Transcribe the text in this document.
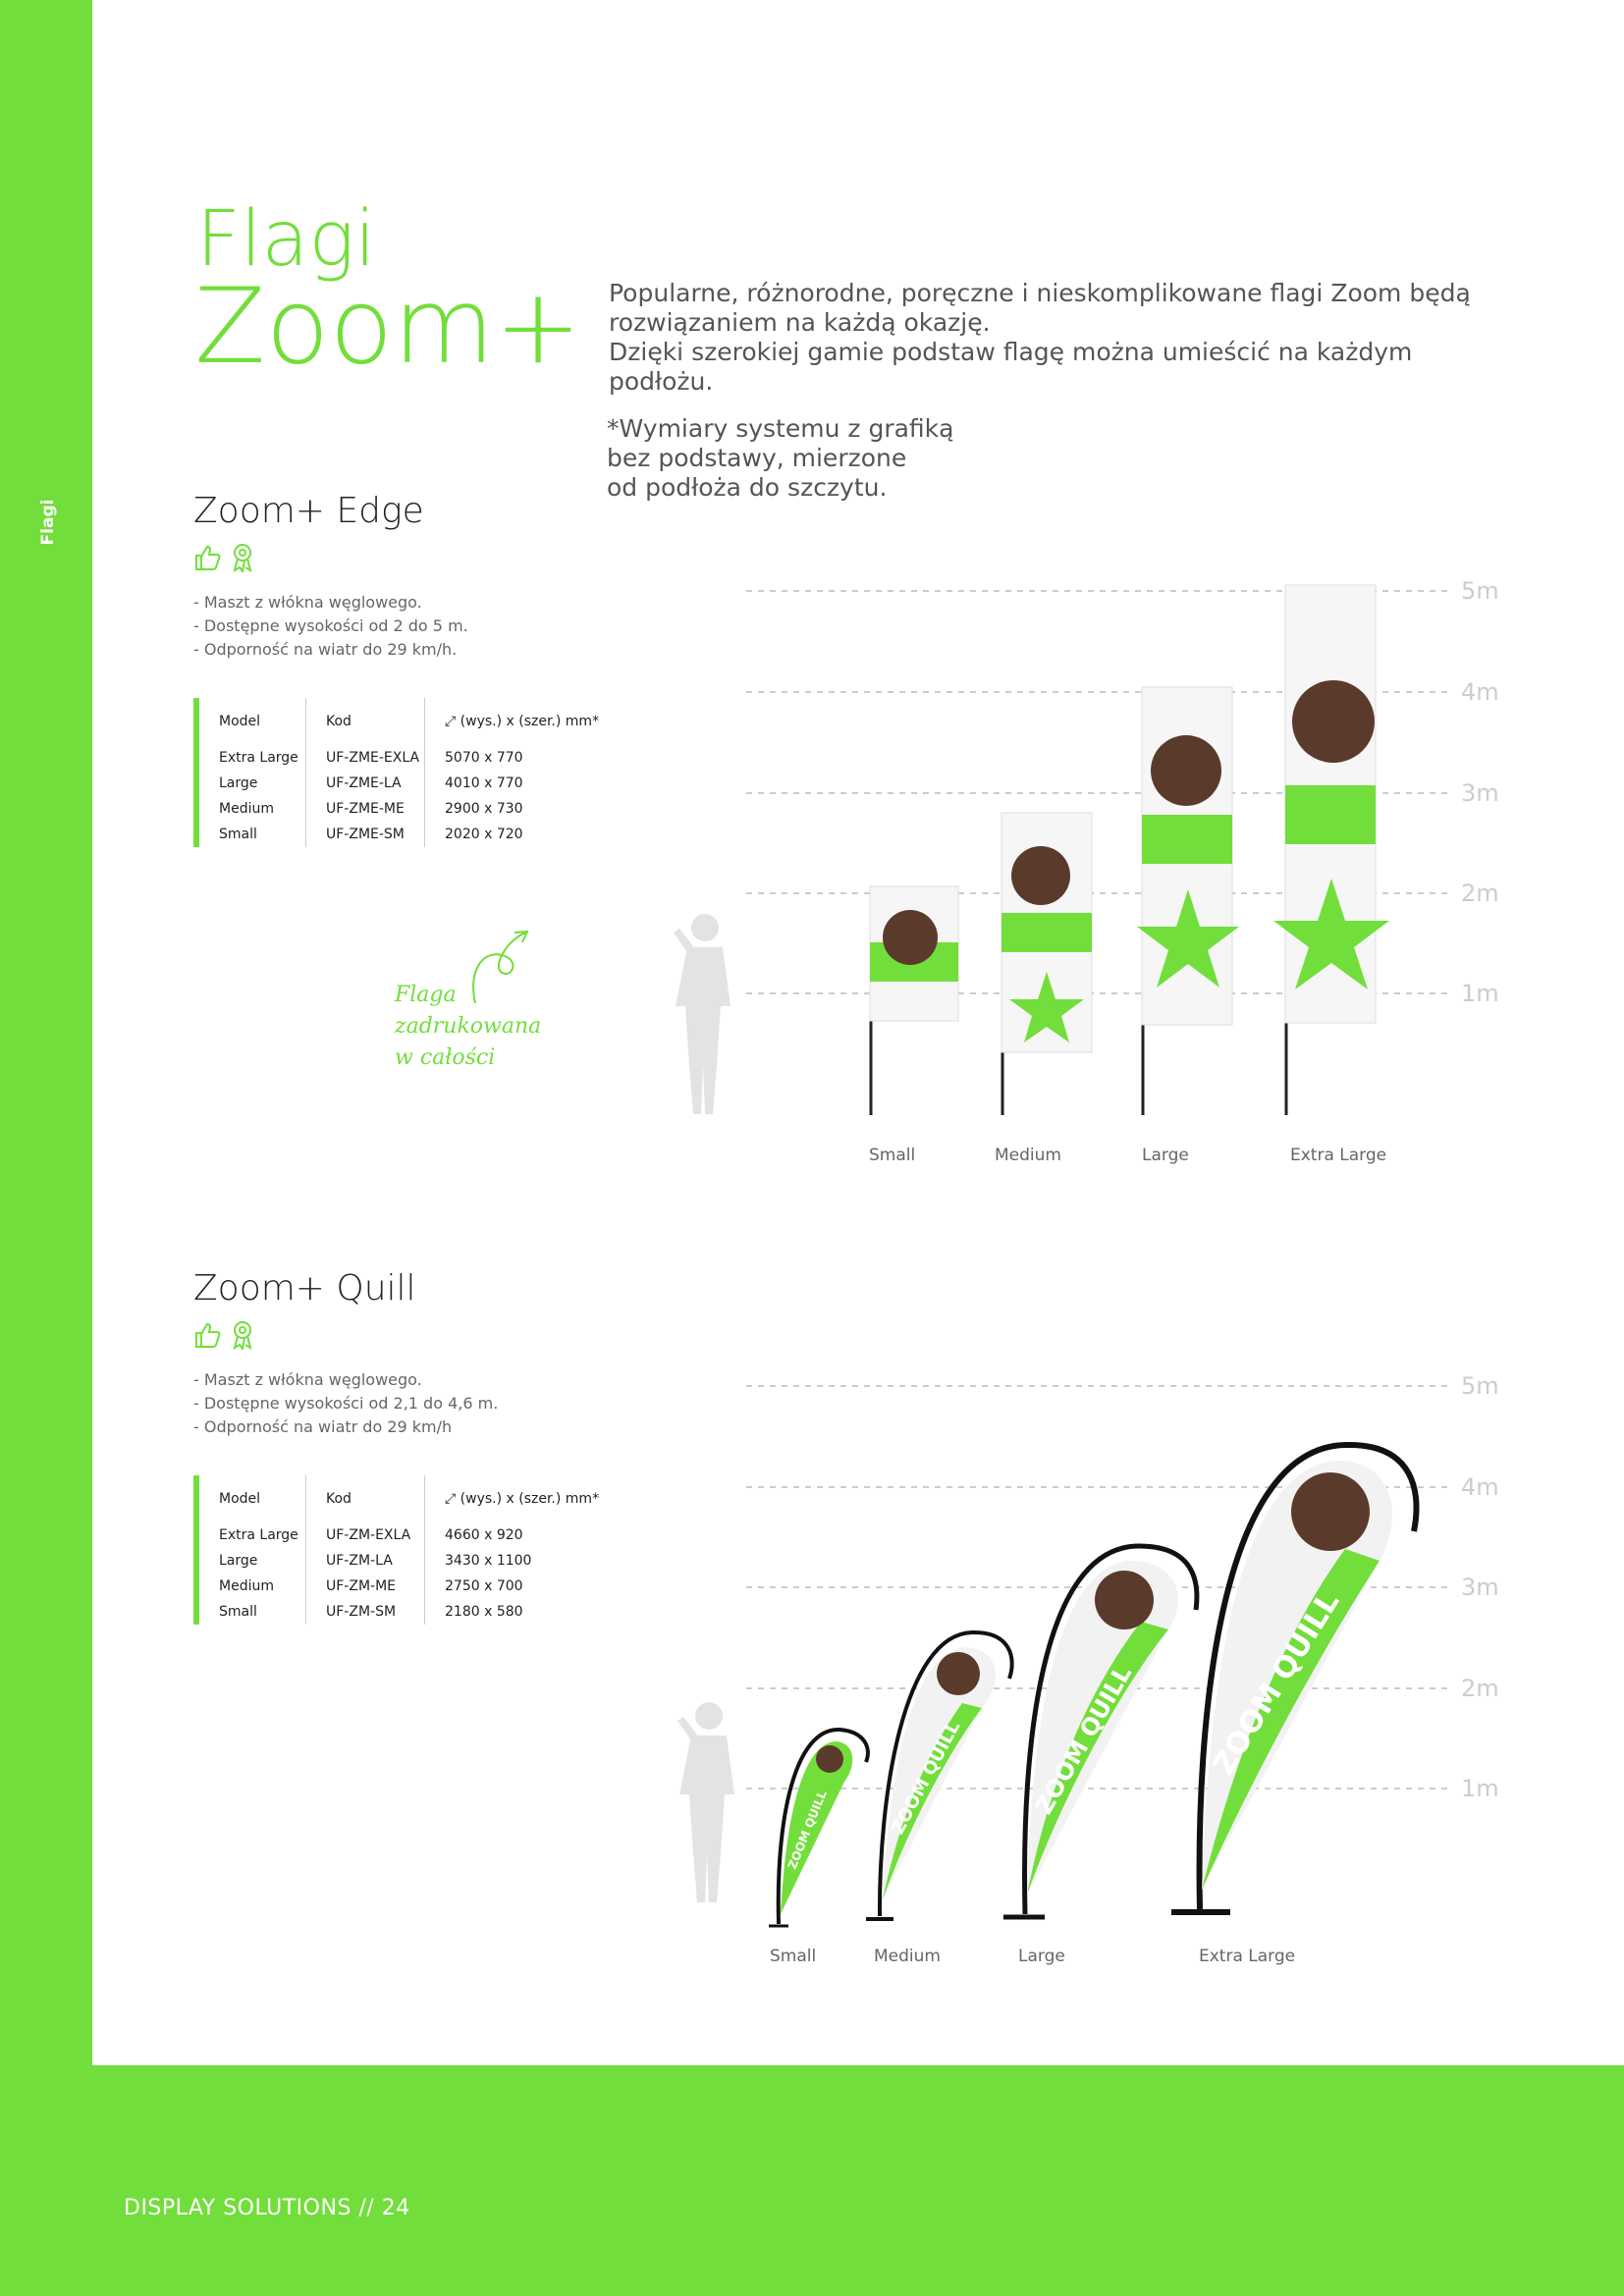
Flagi
Flagi
Zoom+ Popularne, różnorodne, poręczne i nieskomplikowane flagi Zoom będą

rozwiązaniem na każdą okazję.

Dzięki szerokiej gamie podstaw flagę można umieścić na każdym podłożu.

*Wymiary systemu z grafiką
bez podstawy, mierzone
od podłoża do szczytu.
Zoom+ Edge
- Maszt z włókna węglowego.
- Dostępne wysokości od 2 do 5 m.
- Odporność na wiatr do 29 km/h.
Model	Kod	⤢ (wys.) x (szer.) mm*
Extra Large	UF-ZME-EXLA	5070 x 770
Large	UF-ZME-LA	4010 x 770
Medium	UF-ZME-ME	2900 x 730
Small	UF-ZME-SM	2020 x 720
Flaga
zadrukowana
w całości
5m
4m
3m
2m
1m
Small	Medium	Large	Extra Large
Zoom+ Quill
- Maszt z włókna węglowego.
- Dostępne wysokości od 2,1 do 4,6 m.
- Odporność na wiatr do 29 km/h
Model	Kod	⤢ (wys.) x (szer.) mm*
Extra Large	UF-ZM-EXLA	4660 x 920
Large	UF-ZM-LA	3430 x 1100
Medium	UF-ZM-ME	2750 x 700
Small	UF-ZM-SM	2180 x 580
ZOOM QUILL	ZOOM QUILL	ZOOM QUILL ZOOM QUILL
5m
4m
3m
2m
1m
Small	Medium	Large	Extra Large
DISPLAY SOLUTIONS // 24
